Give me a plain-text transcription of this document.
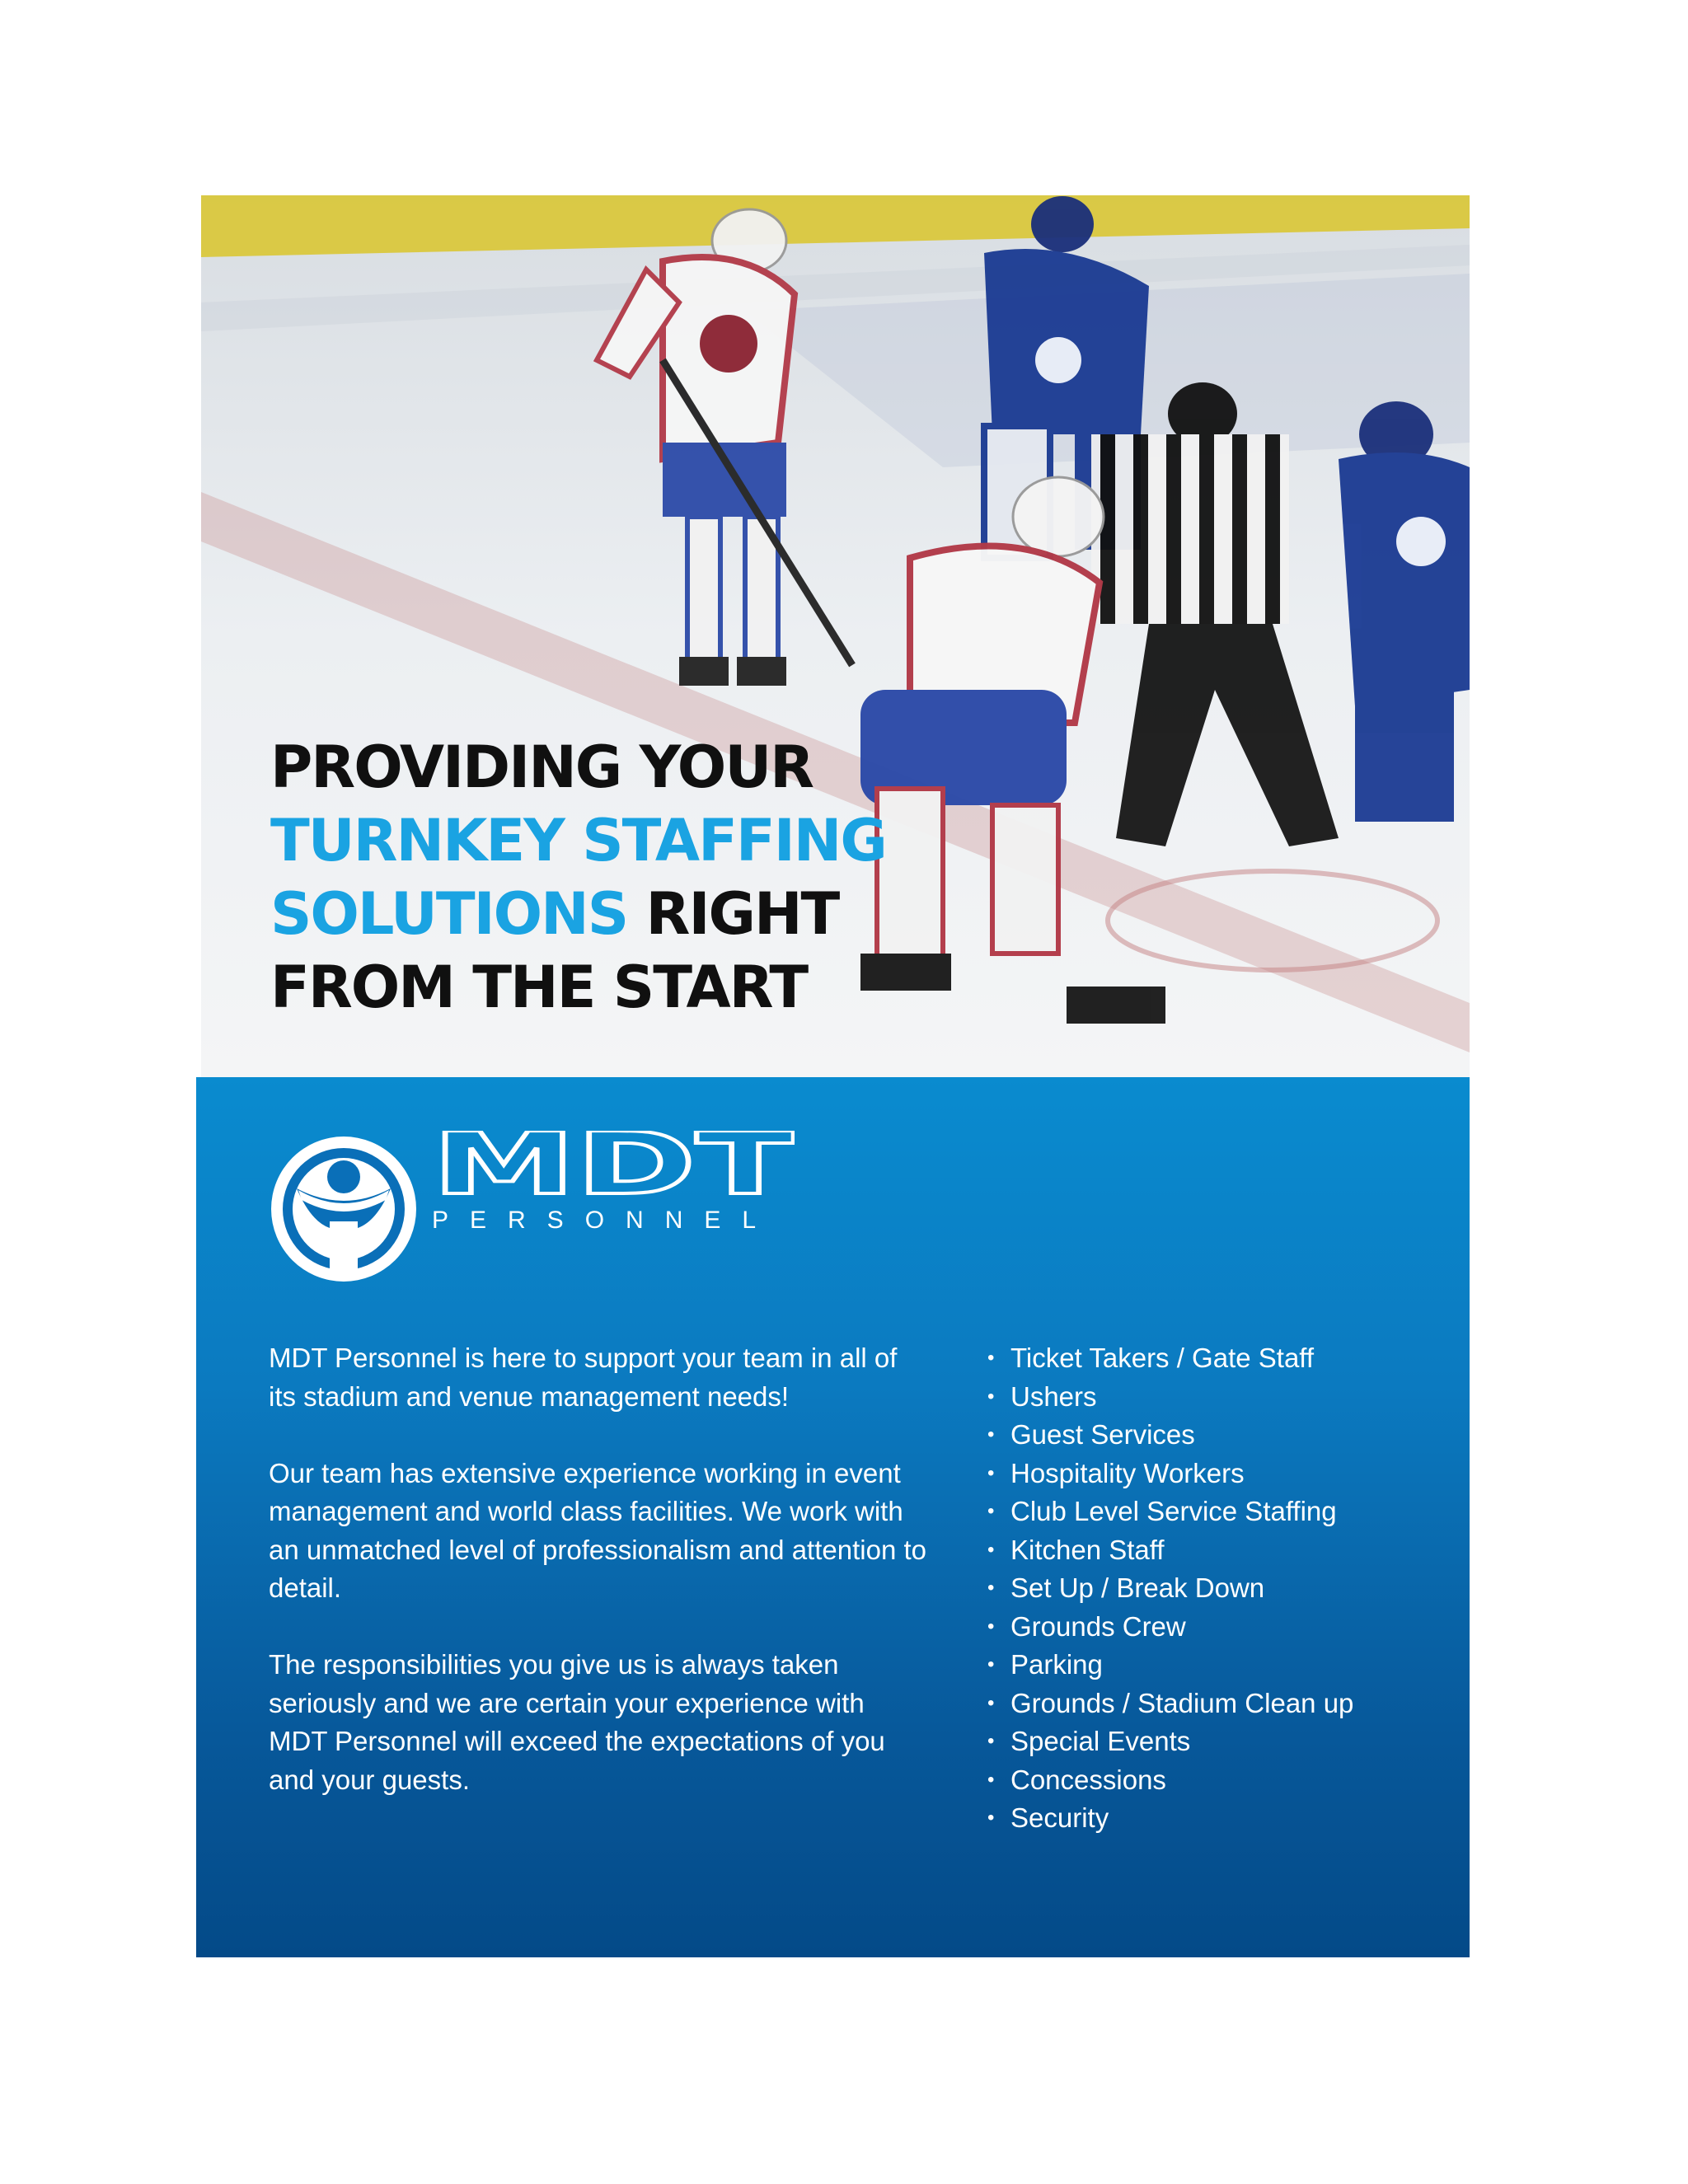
PROVIDING YOUR
TURNKEY STAFFING
SOLUTIONS RIGHT
FROM THE START
MDT
PERSONNEL

MDT Personnel is here to support your team in all of its stadium and venue management needs!

Our team has extensive experience working in event management and world class facilities. We work with an unmatched level of professionalism and attention to detail.

The responsibilities you give us is always taken seriously and we are certain your experience with MDT Personnel will exceed the expectations of you and your guests.

• Ticket Takers / Gate Staff
• Ushers
• Guest Services
• Hospitality Workers
• Club Level Service Staffing
• Kitchen Staff
• Set Up / Break Down
• Grounds Crew
• Parking
• Grounds / Stadium Clean up
• Special Events
• Concessions
• Security
